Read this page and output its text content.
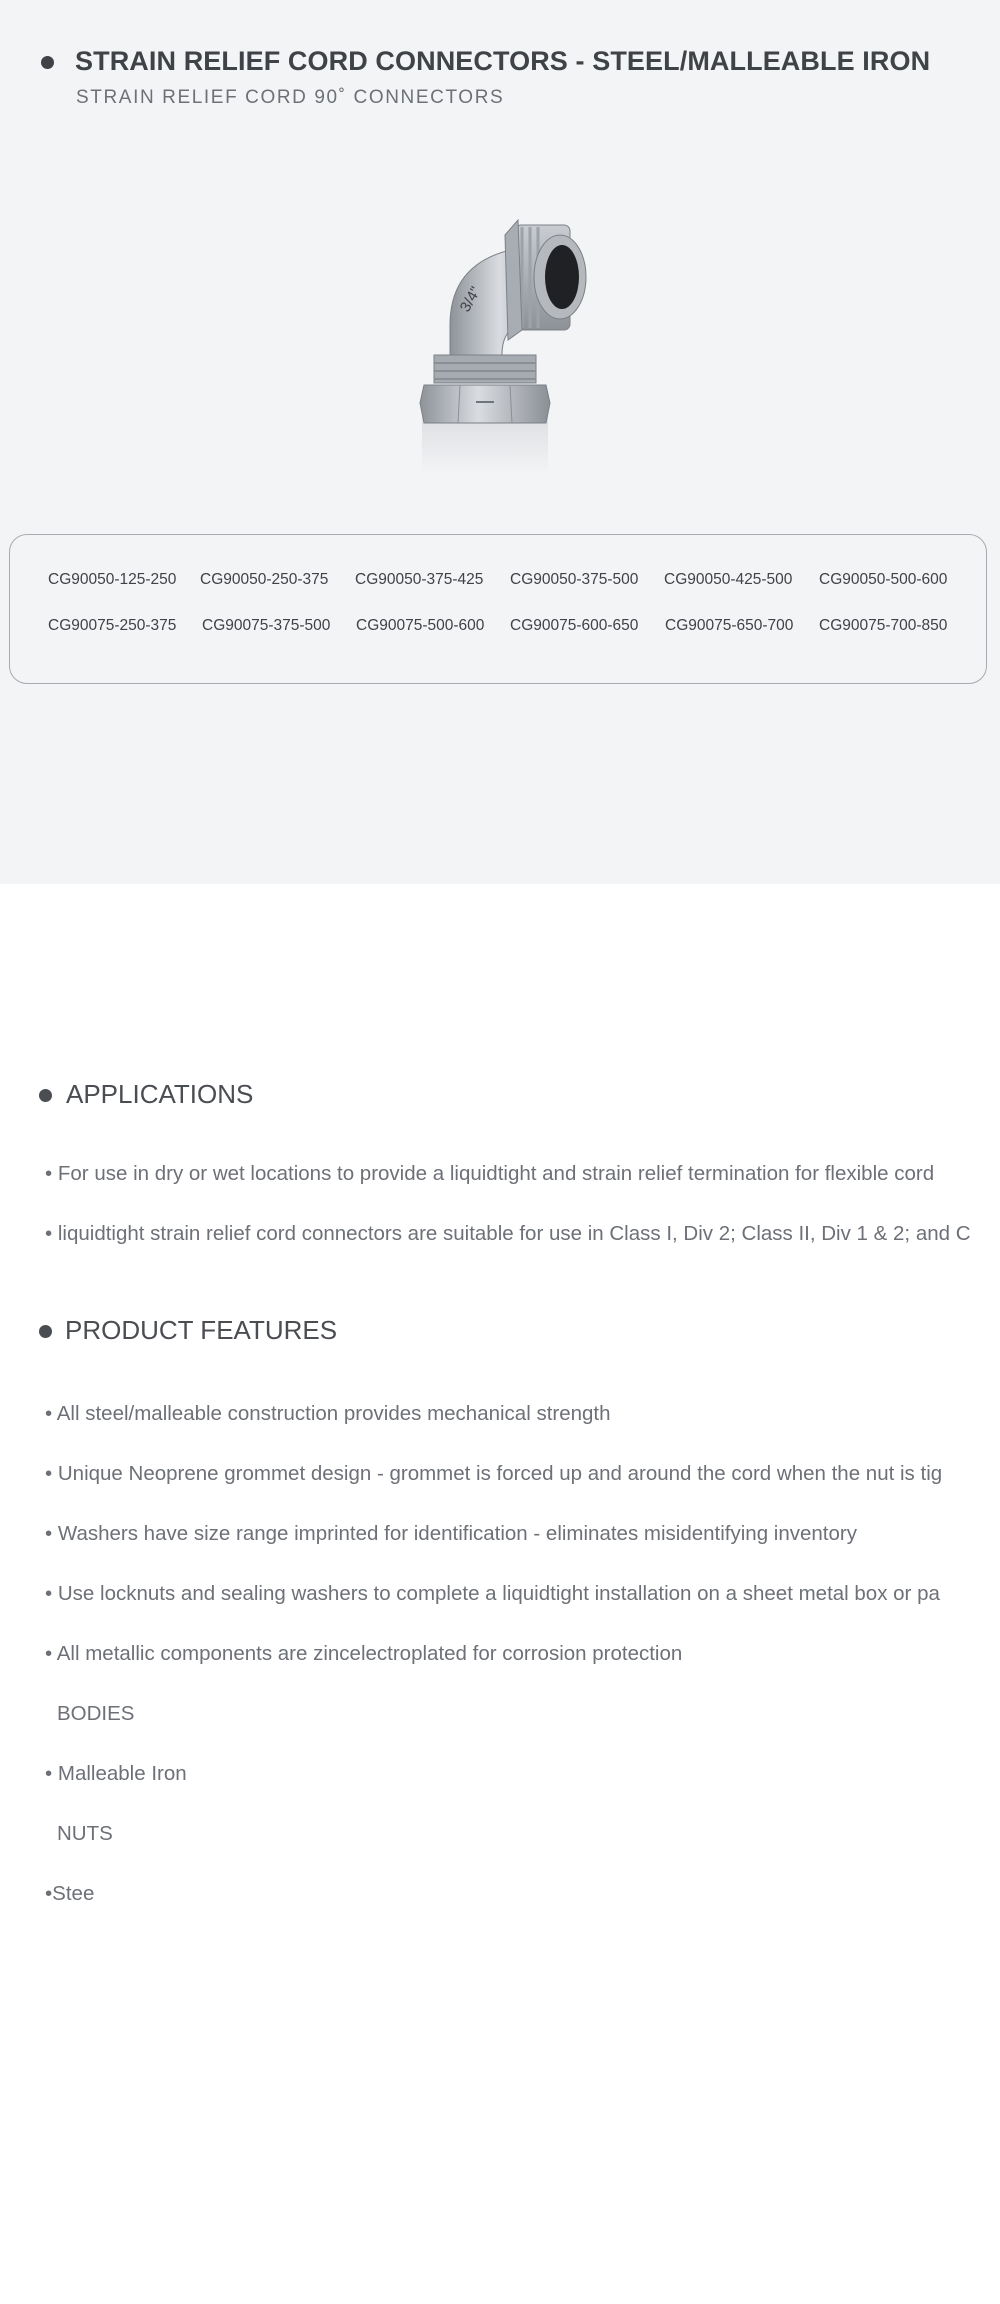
STRAIN RELIEF CORD CONNECTORS - STEEL/MALLEABLE IRON
STRAIN RELIEF CORD 90˚ CONNECTORS
3/4"
CG90050-125-250 CG90050-250-375 CG90050-375-425 CG90050-375-500 CG90050-425-500 CG90050-500-600
CG90075-250-375 CG90075-375-500 CG90075-500-600 CG90075-600-650 CG90075-650-700 CG90075-700-850
APPLICATIONS
• For use in dry or wet locations to provide a liquidtight and strain relief termination for flexible cord
• liquidtight strain relief cord connectors are suitable for use in Class I, Div 2; Class II, Div 1 & 2; and C
PRODUCT FEATURES
• All steel/malleable construction provides mechanical strength
• Unique Neoprene grommet design - grommet is forced up and around the cord when the nut is tig
• Washers have size range imprinted for identification - eliminates misidentifying inventory
• Use locknuts and sealing washers to complete a liquidtight installation on a sheet metal box or pa
• All metallic components are zincelectroplated for corrosion protection
BODIES
• Malleable Iron
NUTS
•Stee
